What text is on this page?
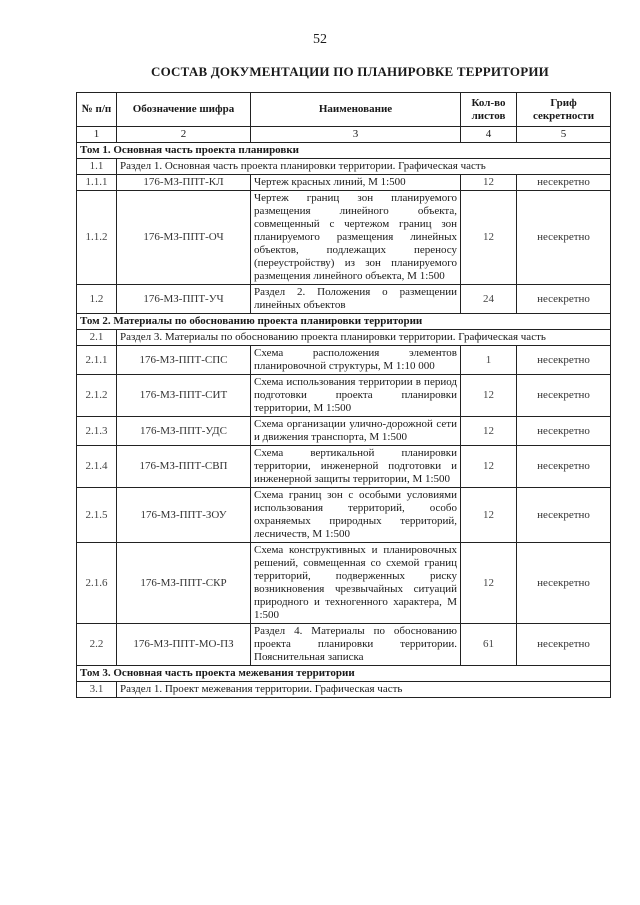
52
СОСТАВ ДОКУМЕНТАЦИИ ПО ПЛАНИРОВКЕ ТЕРРИТОРИИ
№ п/п	Обозначение шифра	Наименование	Кол-во листов	Гриф секретности
1	2	3	4	5
Том 1. Основная часть проекта планировки				
1.1	Раздел 1. Основная часть проекта планировки территории. Графическая часть			
1.1.1	176-МЗ-ППТ-КЛ	Чертеж красных линий, М 1:500	12	несекретно
1.1.2	176-МЗ-ППТ-ОЧ	Чертеж границ зон планируемого размещения линейного объекта, совмещенный с чертежом границ зон планируемого размещения линейных объектов, подлежащих переносу (переустройству) из зон планируемого размещения линейного объекта, М 1:500	12	несекретно
1.2	176-МЗ-ППТ-УЧ	Раздел 2. Положения о размещении линейных объектов	24	несекретно
Том 2. Материалы по обоснованию проекта планировки территории				
2.1	Раздел 3. Материалы по обоснованию проекта планировки территории. Графическая часть			
2.1.1	176-МЗ-ППТ-СПС	Схема расположения элементов планировочной структуры, М 1:10 000	1	несекретно
2.1.2	176-МЗ-ППТ-СИТ	Схема использования территории в период подготовки проекта планировки территории, М 1:500	12	несекретно
2.1.3	176-МЗ-ППТ-УДС	Схема организации улично-дорожной сети и движения транспорта, М 1:500	12	несекретно
2.1.4	176-МЗ-ППТ-СВП	Схема вертикальной планировки территории, инженерной подготовки и инженерной защиты территории, М 1:500	12	несекретно
2.1.5	176-МЗ-ППТ-ЗОУ	Схема границ зон с особыми условиями использования территорий, особо охраняемых природных территорий, лесничеств, М 1:500	12	несекретно
2.1.6	176-МЗ-ППТ-СКР	Схема конструктивных и планировочных решений, совмещенная со схемой границ территорий, подверженных риску возникновения чрезвычайных ситуаций природного и техногенного характера, М 1:500	12	несекретно
2.2	176-МЗ-ППТ-МО-ПЗ	Раздел 4. Материалы по обоснованию проекта планировки территории. Пояснительная записка	61	несекретно
Том 3. Основная часть проекта межевания территории				
3.1	Раздел 1. Проект межевания территории. Графическая часть			
